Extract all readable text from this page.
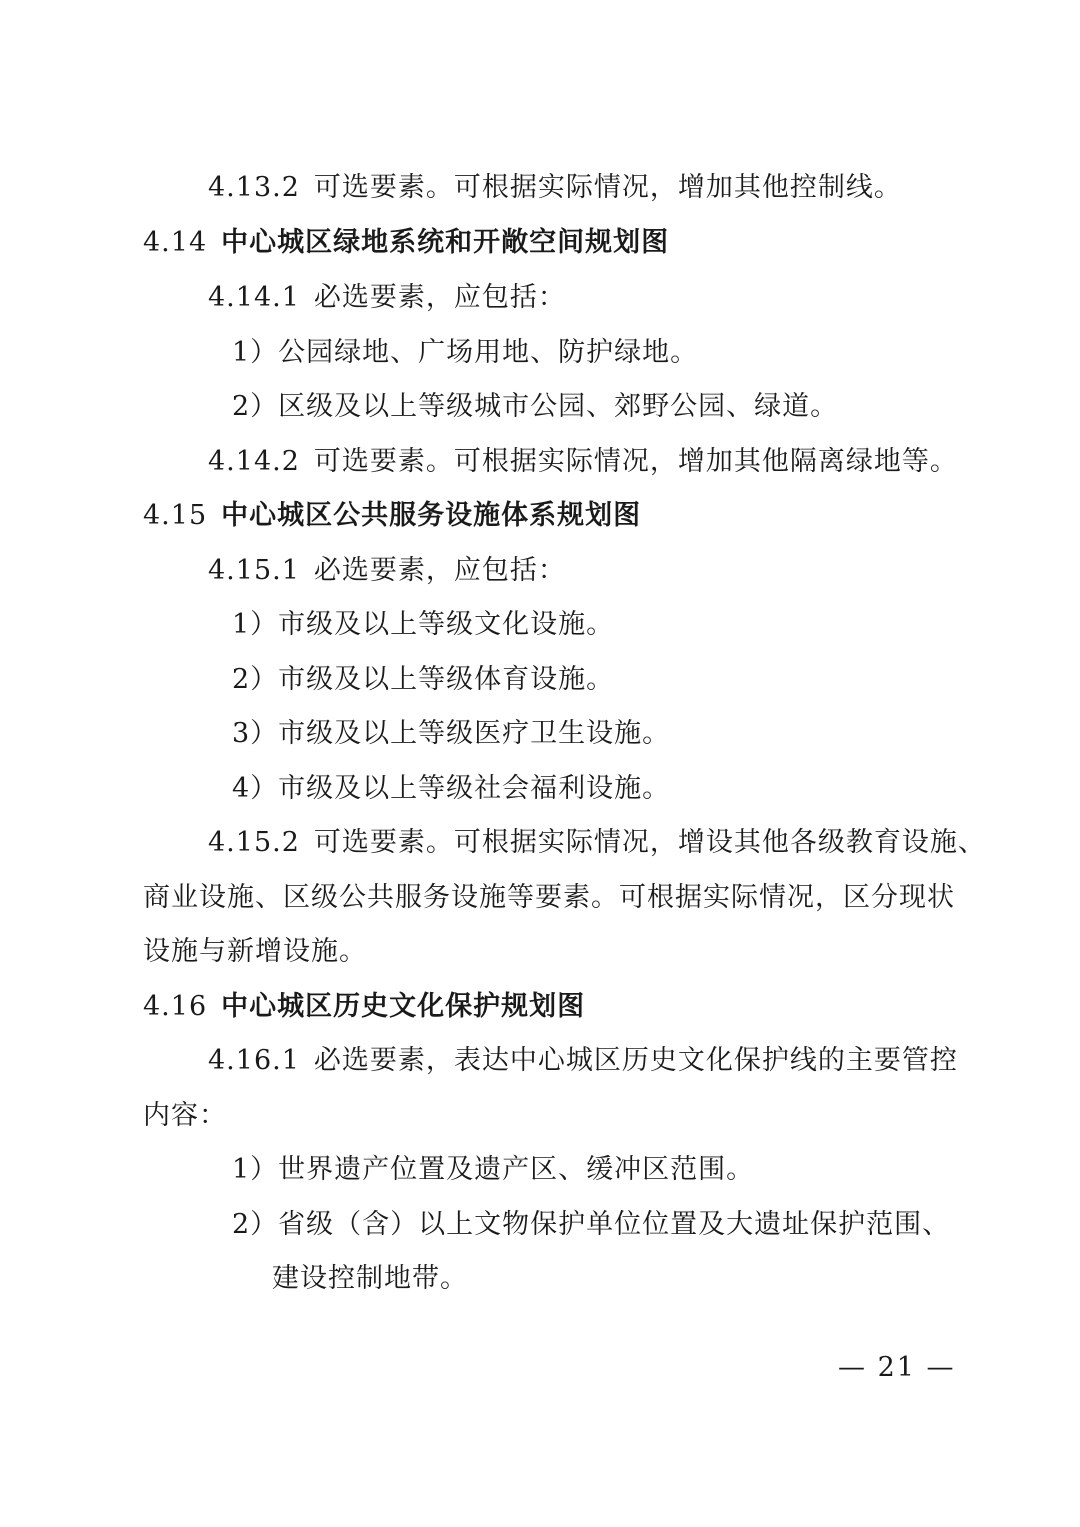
4.13.2 可选要素。可根据实际情况，增加其他控制线。
4.14 中心城区绿地系统和开敞空间规划图
4.14.1 必选要素，应包括：
1）公园绿地、广场用地、防护绿地。
2）区级及以上等级城市公园、郊野公园、绿道。
4.14.2 可选要素。可根据实际情况，增加其他隔离绿地等。
4.15 中心城区公共服务设施体系规划图
4.15.1 必选要素，应包括：
1）市级及以上等级文化设施。
2）市级及以上等级体育设施。
3）市级及以上等级医疗卫生设施。
4）市级及以上等级社会福利设施。
4.15.2 可选要素。可根据实际情况，增设其他各级教育设施、
商业设施、区级公共服务设施等要素。可根据实际情况，区分现状
设施与新增设施。
4.16 中心城区历史文化保护规划图
4.16.1 必选要素，表达中心城区历史文化保护线的主要管控
内容：
1）世界遗产位置及遗产区、缓冲区范围。
2）省级（含）以上文物保护单位位置及大遗址保护范围、
建设控制地带。
— 21 —
